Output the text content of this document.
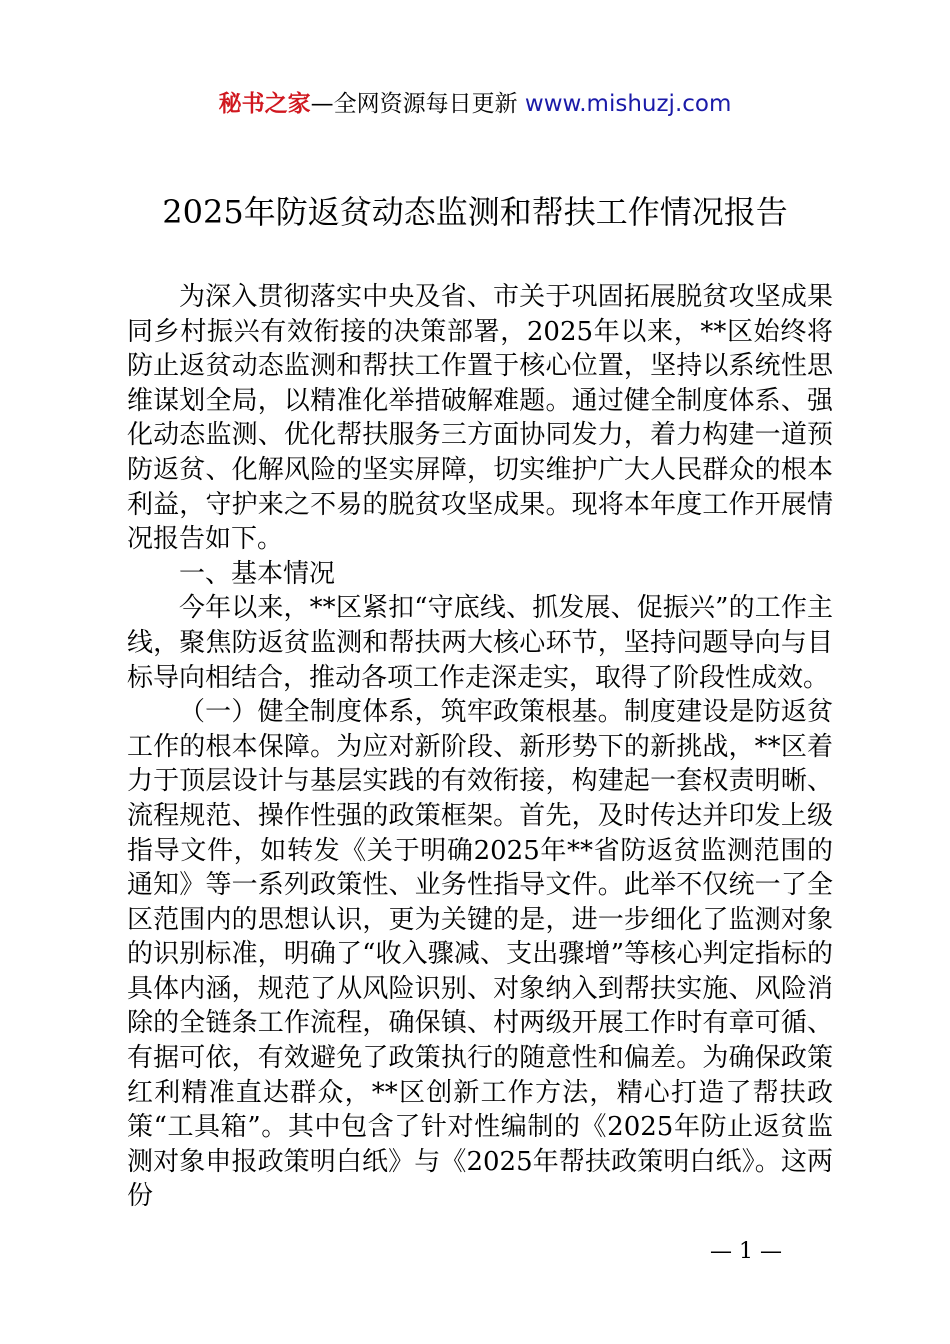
秘书之家—全网资源每日更新 www.mishuzj.com
2025年防返贫动态监测和帮扶工作情况报告

为深入贯彻落实中央及省、市关于巩固拓展脱贫攻坚成果同乡村振兴有效衔接的决策部署，2025年以来，**区始终将防止返贫动态监测和帮扶工作置于核心位置，坚持以系统性思维谋划全局，以精准化举措破解难题。通过健全制度体系、强化动态监测、优化帮扶服务三方面协同发力，着力构建一道预防返贫、化解风险的坚实屏障，切实维护广大人民群众的根本利益，守护来之不易的脱贫攻坚成果。现将本年度工作开展情况报告如下。

一、基本情况

今年以来，**区紧扣“守底线、抓发展、促振兴”的工作主线，聚焦防返贫监测和帮扶两大核心环节，坚持问题导向与目标导向相结合，推动各项工作走深走实，取得了阶段性成效。

（一）健全制度体系，筑牢政策根基。制度建设是防返贫工作的根本保障。为应对新阶段、新形势下的新挑战，**区着力于顶层设计与基层实践的有效衔接，构建起一套权责明晰、流程规范、操作性强的政策框架。首先，及时传达并印发上级指导文件，如转发《关于明确2025年**省防返贫监测范围的通知》等一系列政策性、业务性指导文件。此举不仅统一了全区范围内的思想认识，更为关键的是，进一步细化了监测对象的识别标准，明确了“收入骤减、支出骤增”等核心判定指标的具体内涵，规范了从风险识别、对象纳入到帮扶实施、风险消除的全链条工作流程，确保镇、村两级开展工作时有章可循、有据可依，有效避免了政策执行的随意性和偏差。为确保政策红利精准直达群众，**区创新工作方法，精心打造了帮扶政策“工具箱”。其中包含了针对性编制的《2025年防止返贫监测对象申报政策明白纸》与《2025年帮扶政策明白纸》。这两份

— 1 —
